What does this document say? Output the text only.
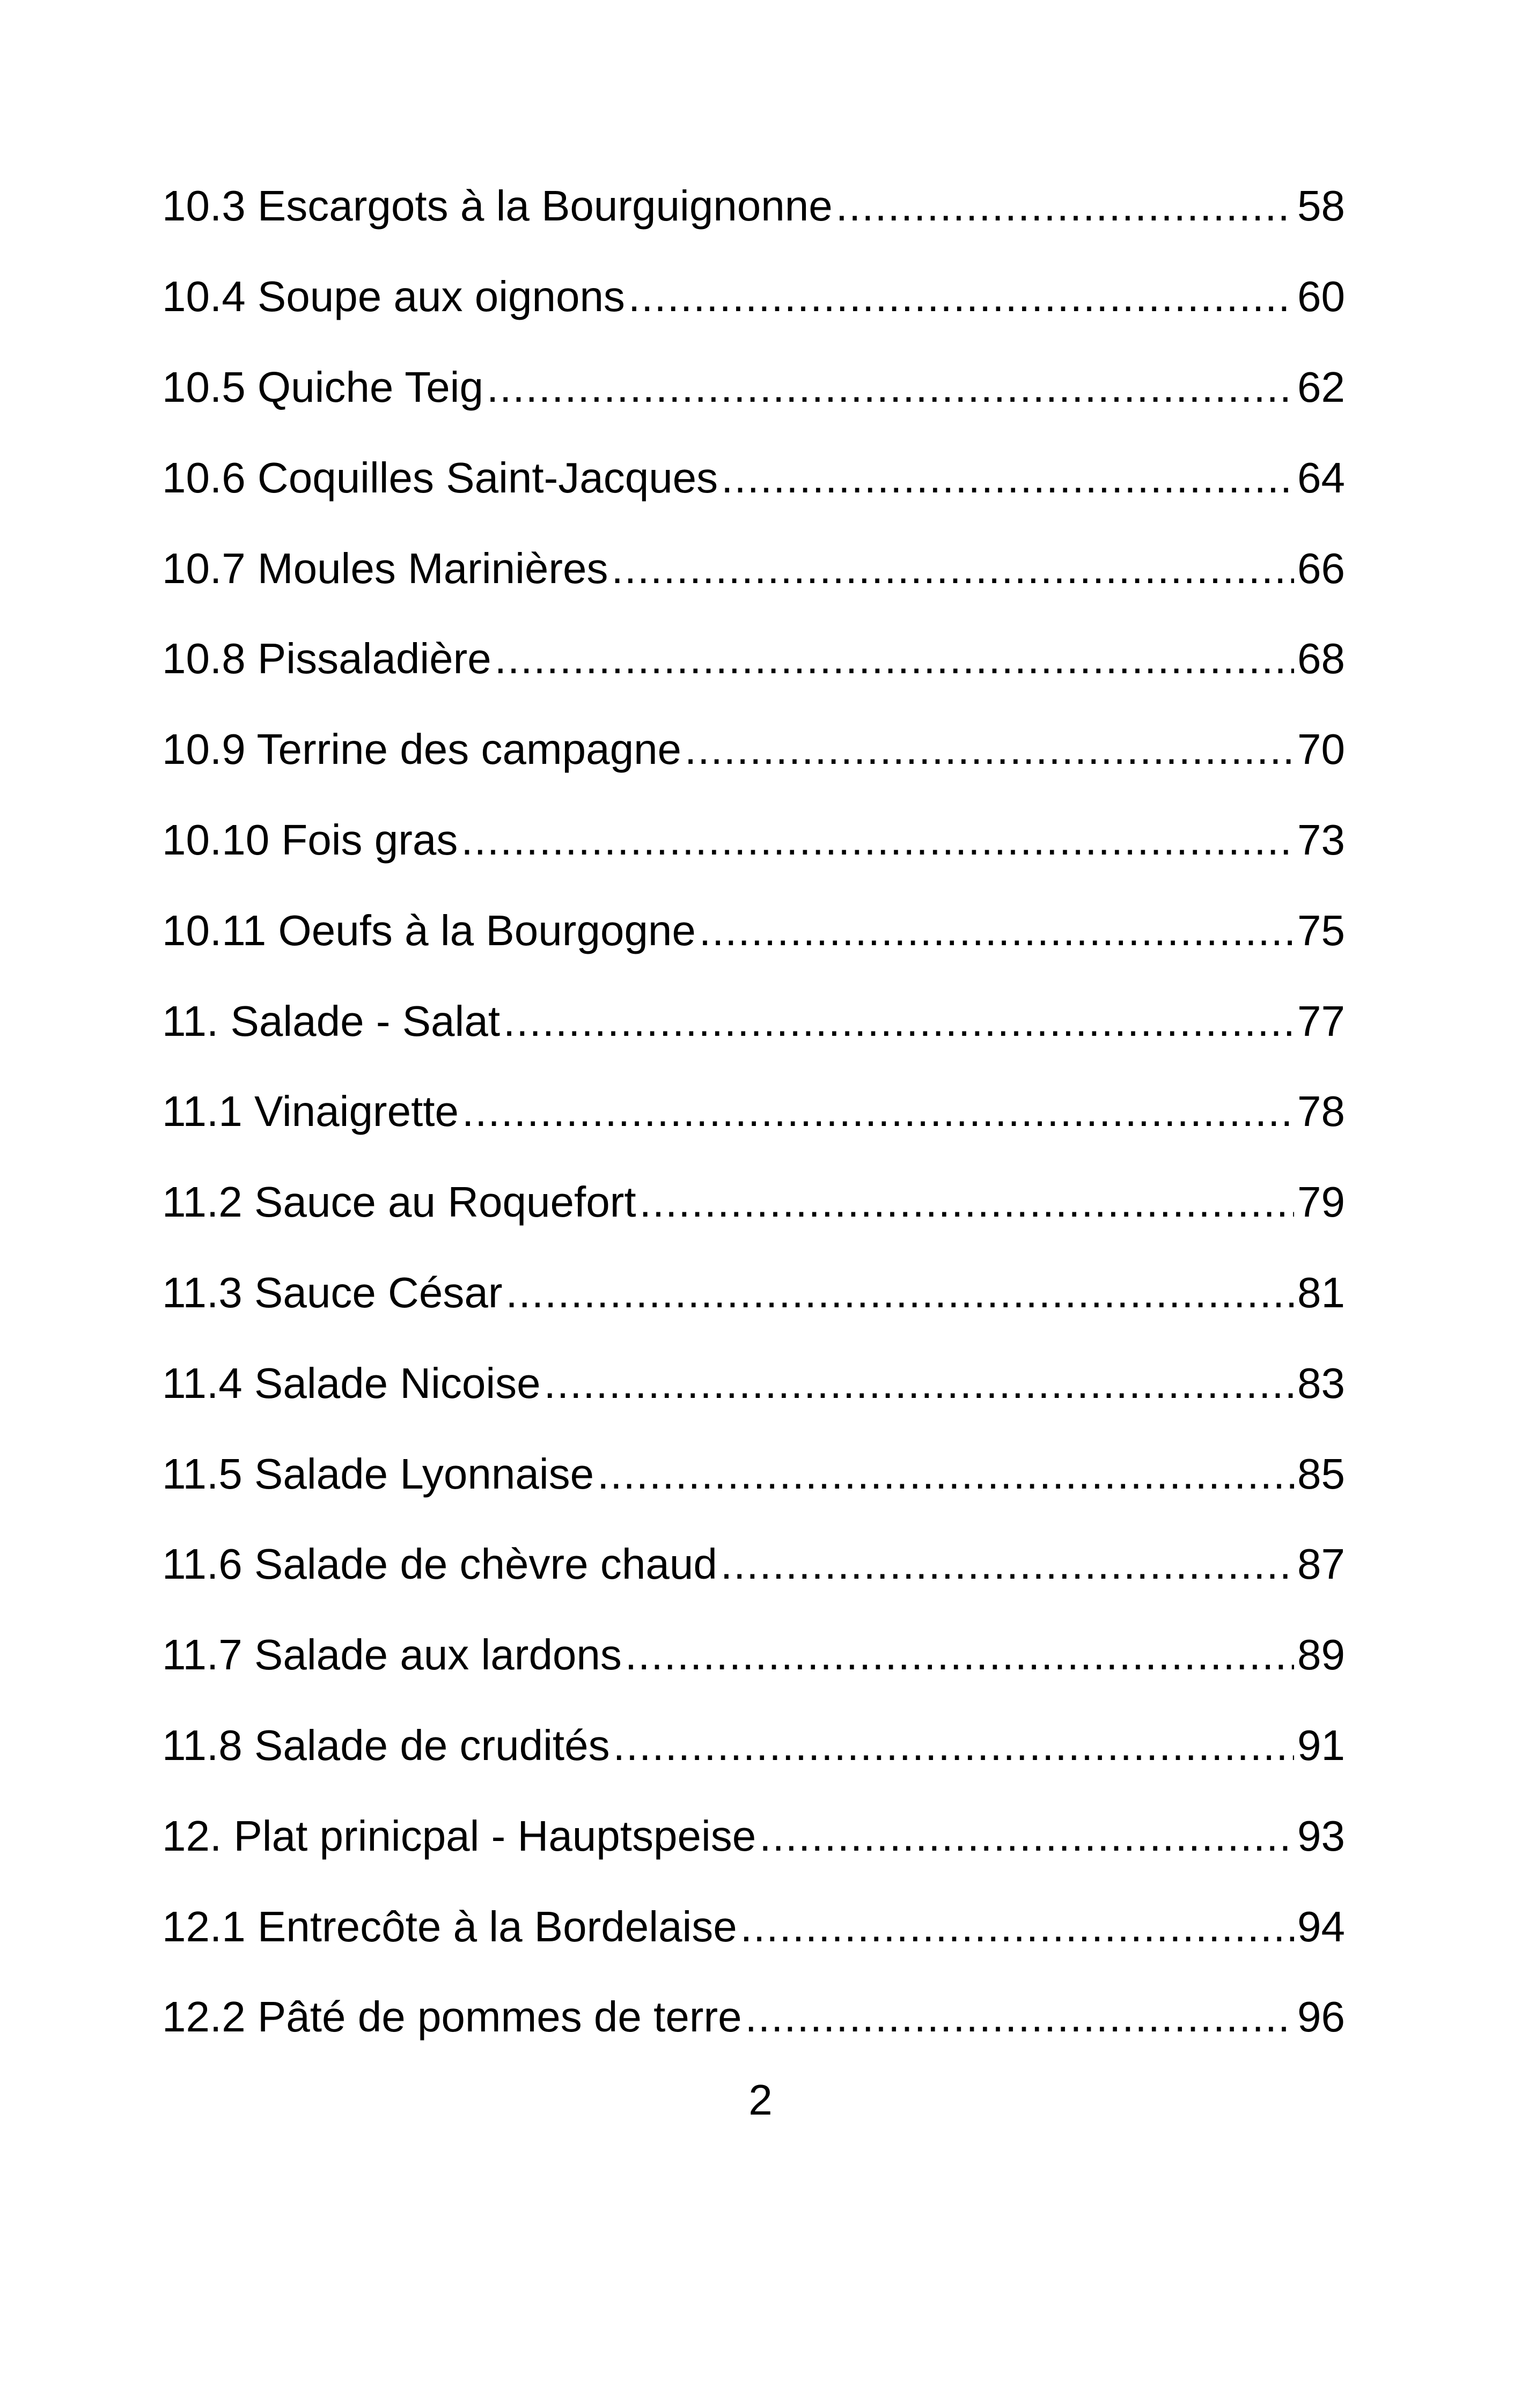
10.3 Escargots à la Bourguignonne .....	58
10.4 Soupe aux oignons .....	60
10.5 Quiche Teig .....	62
10.6 Coquilles Saint-Jacques .....	64
10.7 Moules Marinières .....	66
10.8 Pissaladière .....	68
10.9 Terrine des campagne .....	70
10.10 Fois gras .....	73
10.11 Oeufs à la Bourgogne .....	75
11. Salade - Salat .....	77
11.1 Vinaigrette .....	78
11.2 Sauce au Roquefort .....	79
11.3 Sauce César .....	81
11.4 Salade Nicoise .....	83
11.5 Salade Lyonnaise .....	85
11.6 Salade de chèvre chaud .....	87
11.7 Salade aux lardons .....	89
11.8 Salade de crudités .....	91
12. Plat prinicpal - Hauptspeise .....	93
12.1 Entrecôte à la Bordelaise .....	94
12.2 Pâté de pommes de terre .....	96
2
